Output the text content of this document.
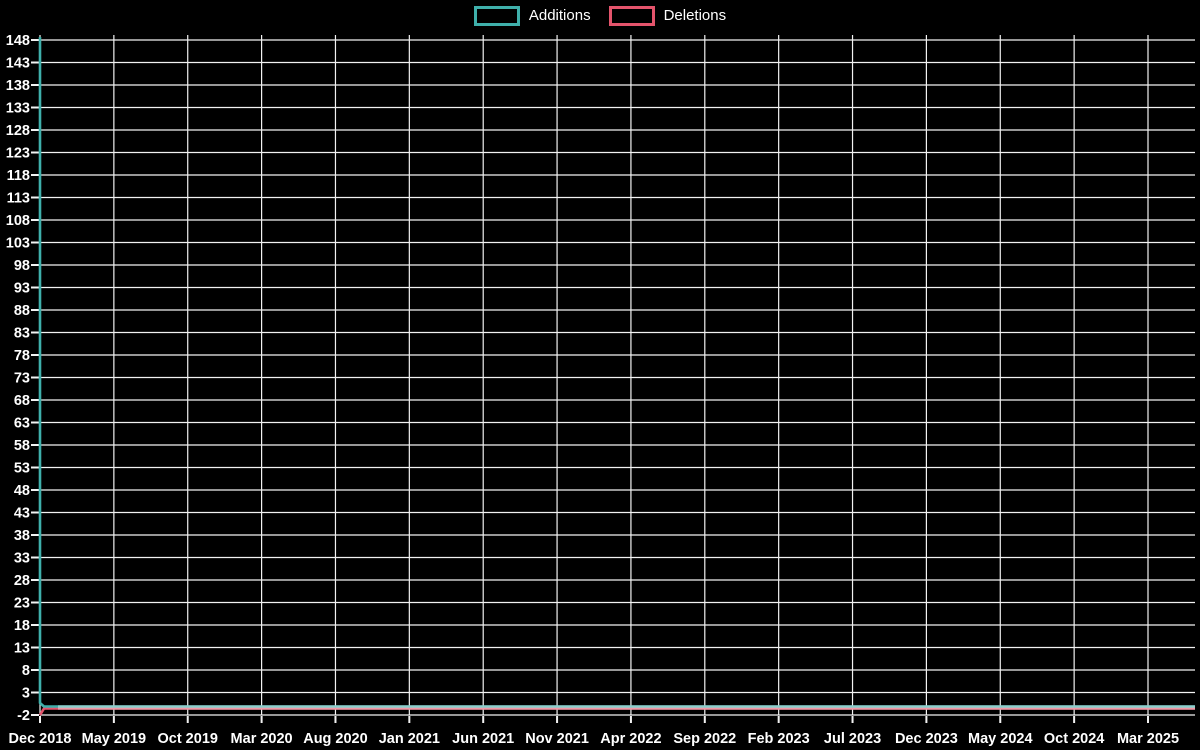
Additions	Deletions
148
143
138
133
128
123
118
113
108
103
98
93
88
83
78
73
68
63
58
53
48
43
38
33
28
23
18
13
8
3
-2
Dec 2018 May 2019 Oct 2019 Mar 2020 Aug 2020 Jan 2021 Jun 2021 Nov 2021 Apr 2022 Sep 2022 Feb 2023 Jul 2023 Dec 2023 May 2024 Oct 2024 Mar 2025
